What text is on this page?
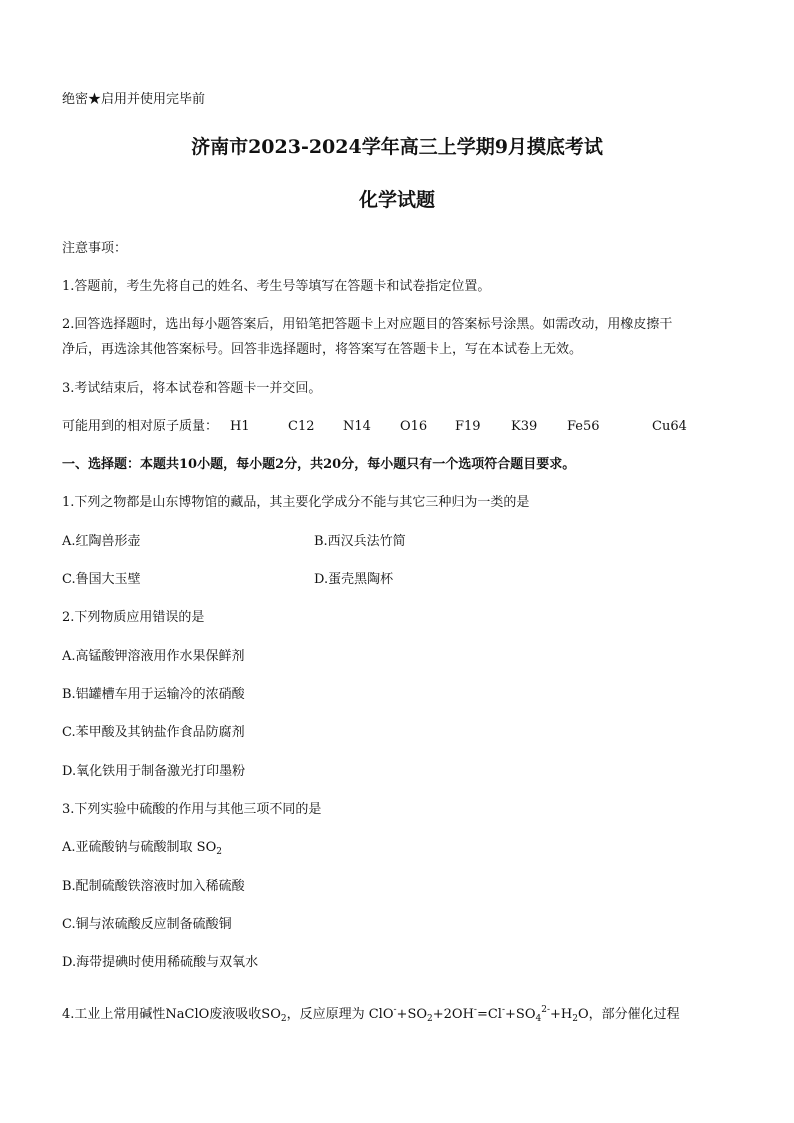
绝密★启用并使用完毕前
济南市2023-2024学年高三上学期9月摸底考试
化学试题
注意事项：
1.答题前，考生先将自己的姓名、考生号等填写在答题卡和试卷指定位置。
2.回答选择题时，选出每小题答案后，用铅笔把答题卡上对应题目的答案标号涂黑。如需改动，用橡皮擦干
净后，再选涂其他答案标号。回答非选择题时，将答案写在答题卡上，写在本试卷上无效。
3.考试结束后，将本试卷和答题卡一并交回。
可能用到的相对原子质量： H1	C12 N14 O16 F19 K39 Fe56	Cu64
一、选择题：本题共10小题，每小题2分，共20分，每小题只有一个选项符合题目要求。
1.下列之物都是山东博物馆的藏品，其主要化学成分不能与其它三种归为一类的是
A.红陶兽形壶	B.西汉兵法竹简
C.鲁国大玉壁	D.蛋壳黑陶杯
2.下列物质应用错误的是
A.高锰酸钾溶液用作水果保鲜剂
B.铝罐槽车用于运输冷的浓硝酸
C.苯甲酸及其钠盐作食品防腐剂
D.氧化铁用于制备激光打印墨粉
3.下列实验中硫酸的作用与其他三项不同的是
A.亚硫酸钠与硫酸制取 $SO_2$
B.配制硫酸铁溶液时加入稀硫酸
C.铜与浓硫酸反应制备硫酸铜
D.海带提碘时使用稀硫酸与双氧水
4.工业上常用碱性NaClO废液吸收$SO_2$，反应原理为 $ClO^-+SO_2+2OH^-=Cl^-+SO_4^{2-}+H_2O$，部分催化过程
